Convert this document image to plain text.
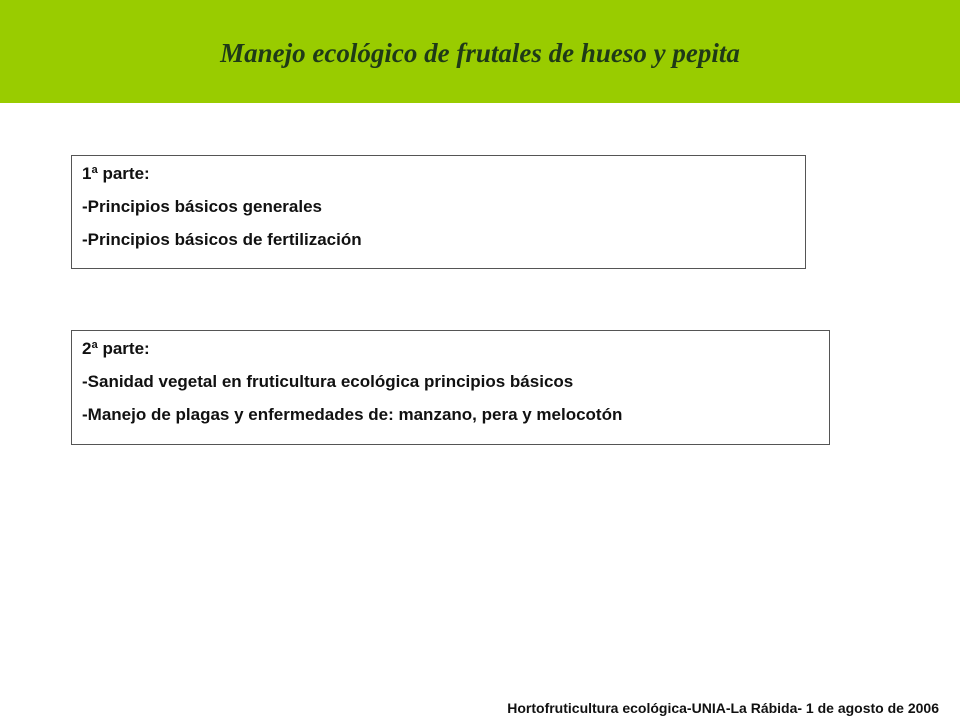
Manejo ecológico de frutales de hueso y pepita
1ª parte:
-Principios básicos generales
-Principios básicos de fertilización
2ª parte:
-Sanidad vegetal en fruticultura ecológica principios básicos
-Manejo de plagas y enfermedades de: manzano, pera y melocotón
Hortofruticultura ecológica-UNIA-La Rábida- 1 de agosto de 2006
